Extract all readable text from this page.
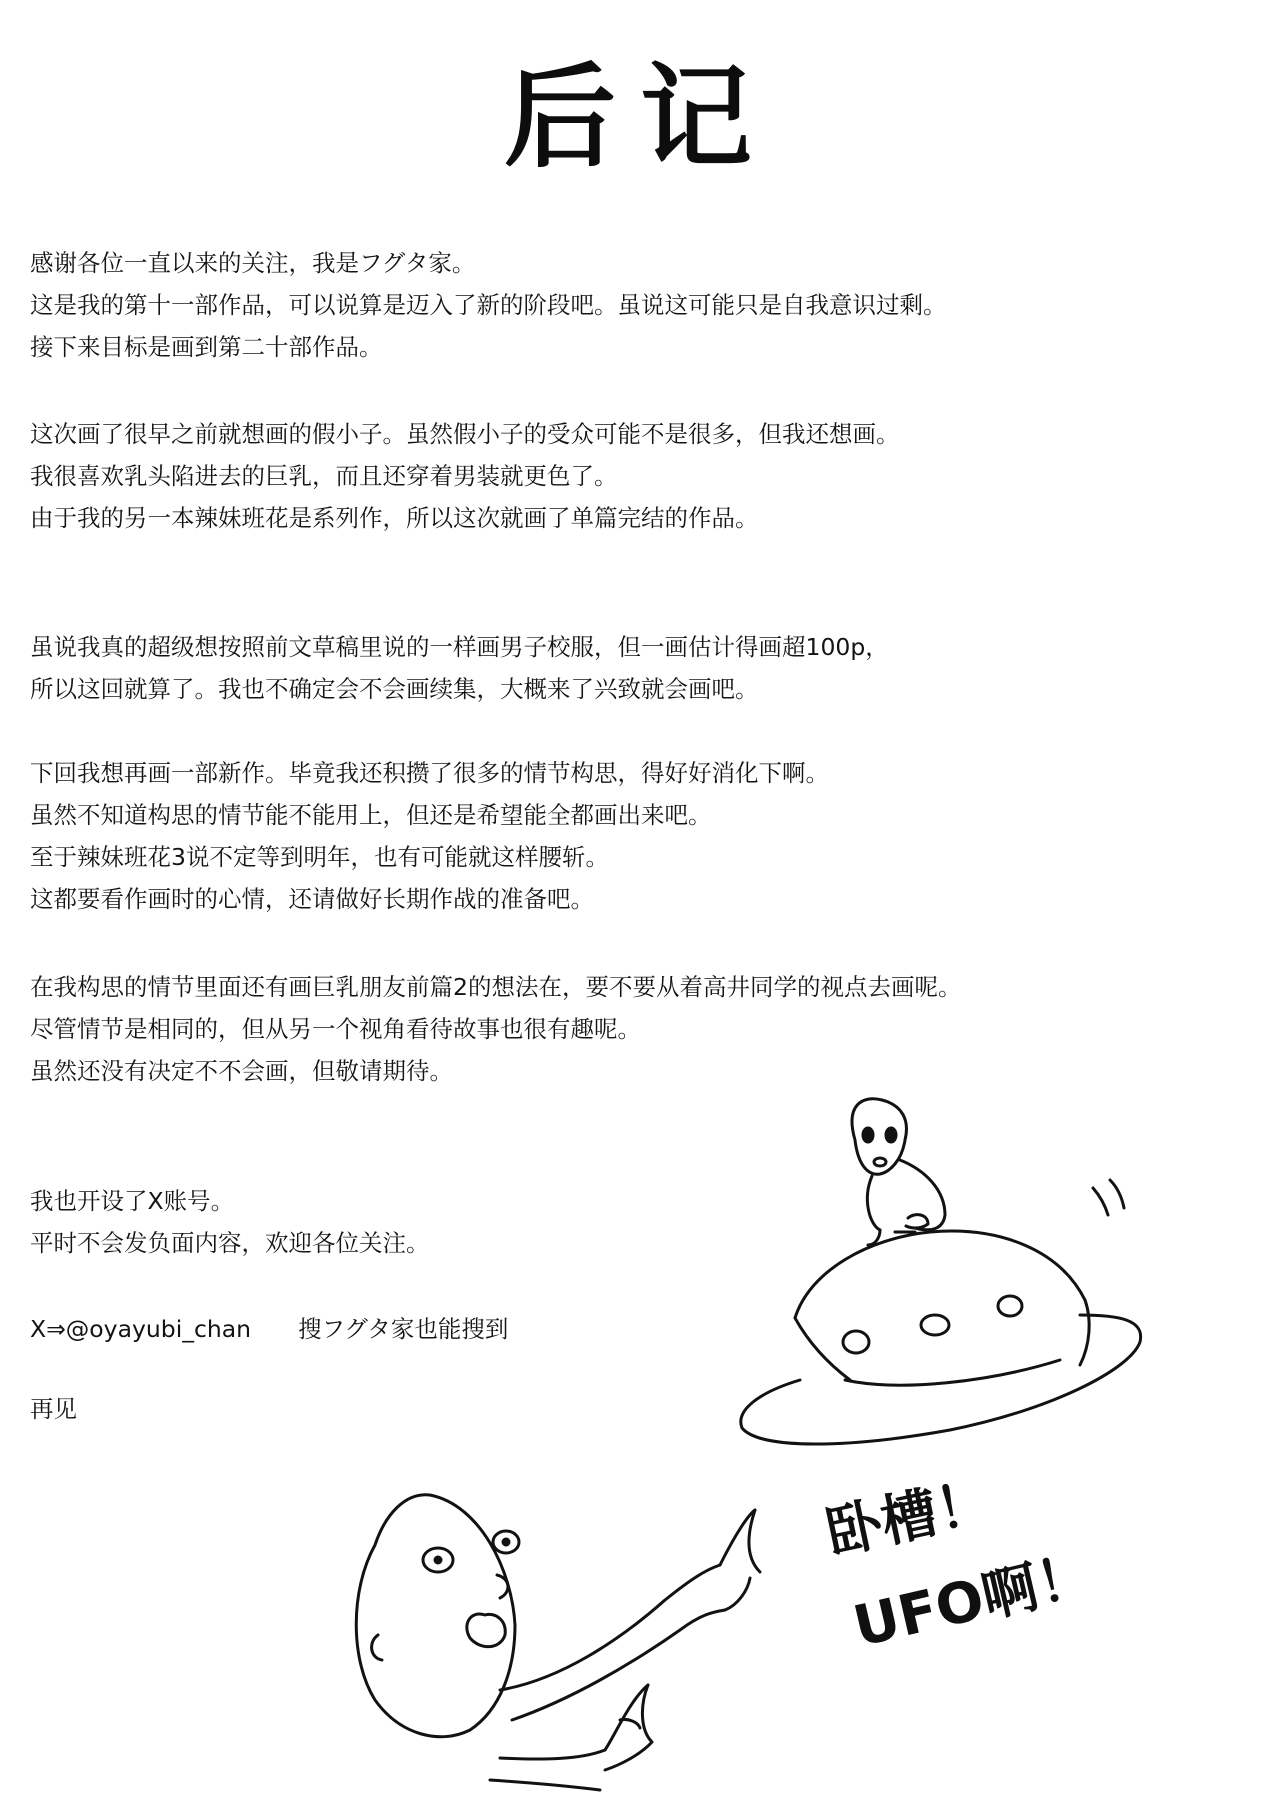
后记
感谢各位一直以来的关注，我是フグタ家。
这是我的第十一部作品，可以说算是迈入了新的阶段吧。虽说这可能只是自我意识过剩。
接下来目标是画到第二十部作品。
这次画了很早之前就想画的假小子。虽然假小子的受众可能不是很多，但我还想画。
我很喜欢乳头陷进去的巨乳，而且还穿着男装就更色了。
由于我的另一本辣妹班花是系列作，所以这次就画了单篇完结的作品。
虽说我真的超级想按照前文草稿里说的一样画男子校服，但一画估计得画超100p，
所以这回就算了。我也不确定会不会画续集，大概来了兴致就会画吧。
下回我想再画一部新作。毕竟我还积攒了很多的情节构思，得好好消化下啊。
虽然不知道构思的情节能不能用上，但还是希望能全都画出来吧。
至于辣妹班花3说不定等到明年，也有可能就这样腰斩。
这都要看作画时的心情，还请做好长期作战的准备吧。
在我构思的情节里面还有画巨乳朋友前篇2的想法在，要不要从着高井同学的视点去画呢。
尽管情节是相同的，但从另一个视角看待故事也很有趣呢。
虽然还没有决定不不会画，但敬请期待。
我也开设了X账号。
平时不会发负面内容，欢迎各位关注。
X⇒@oyayubi_chan　　搜フグタ家也能搜到
再见
卧槽！
UFO啊！
